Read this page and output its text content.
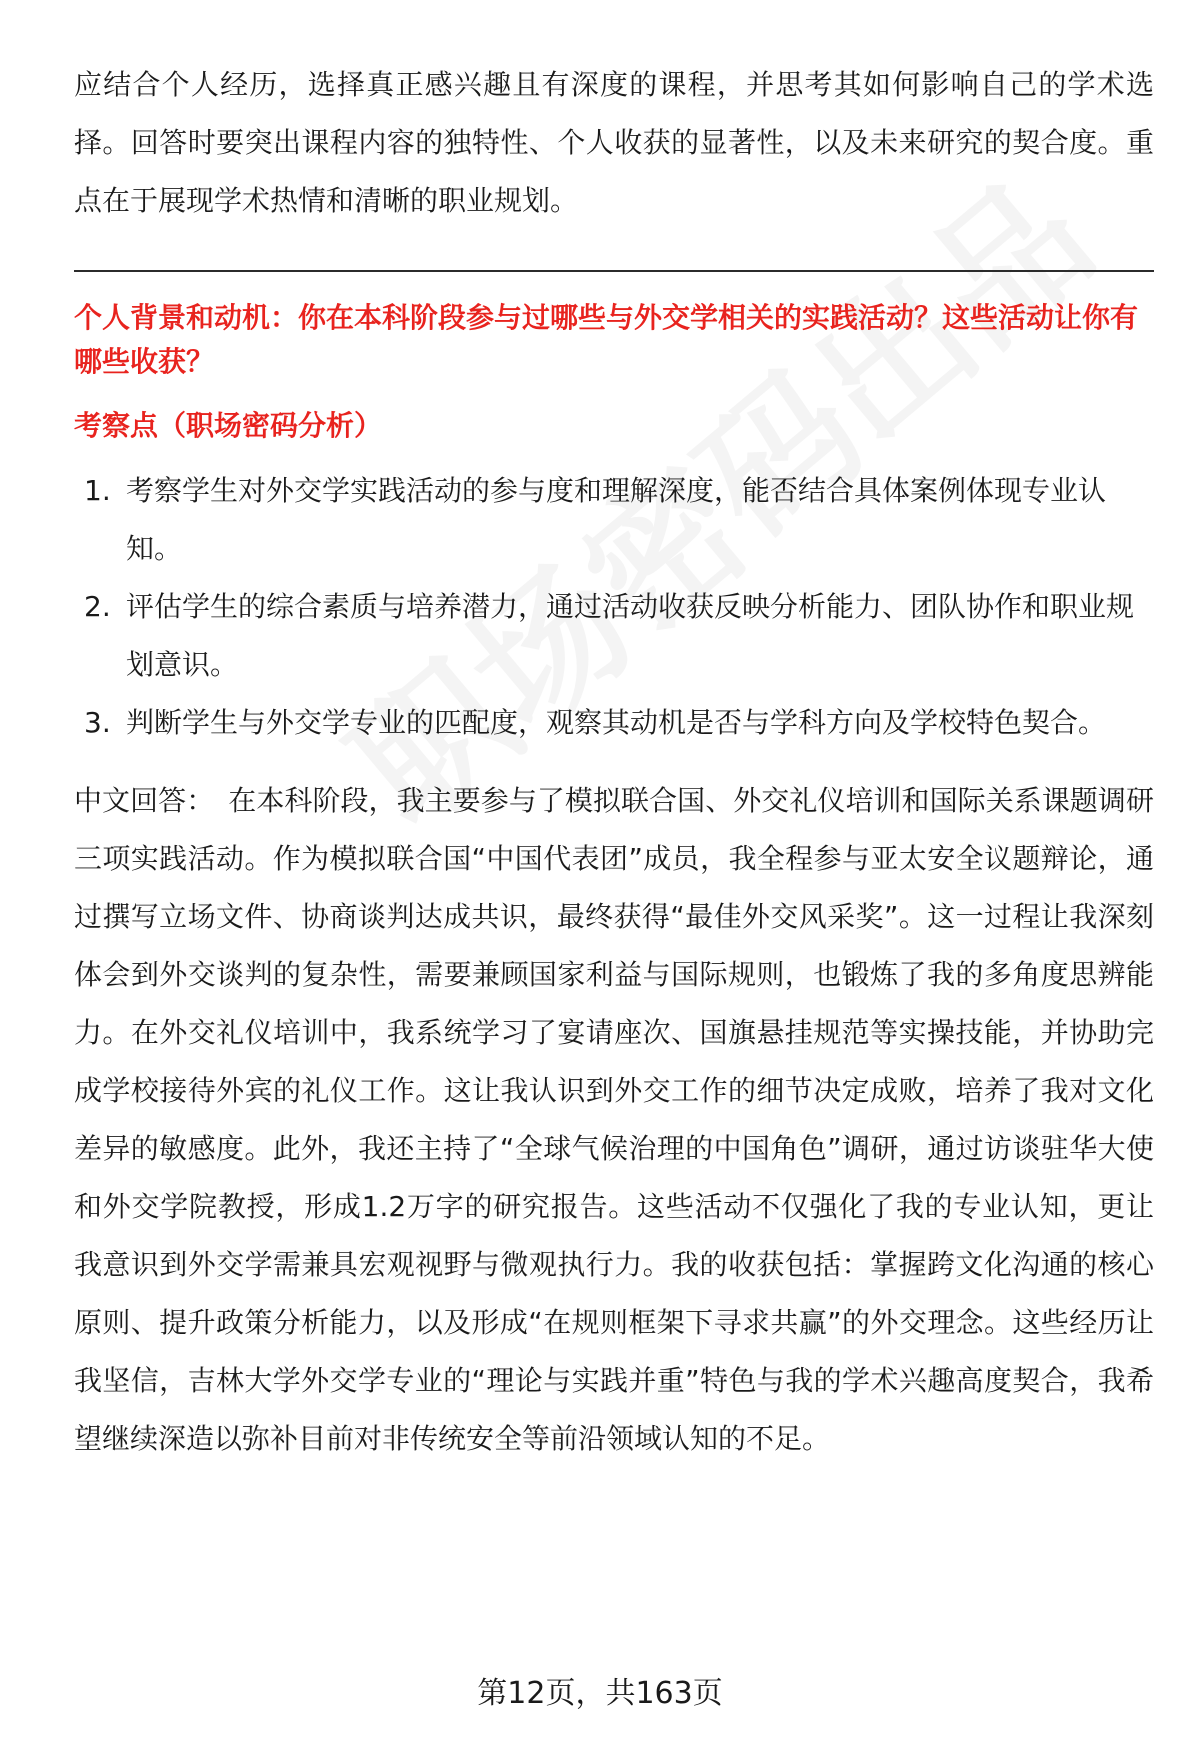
应结合个人经历，选择真正感兴趣且有深度的课程，并思考其如何影响自己的学术选择。回答时要突出课程内容的独特性、个人收获的显著性，以及未来研究的契合度。重点在于展现学术热情和清晰的职业规划。

个人背景和动机：你在本科阶段参与过哪些与外交学相关的实践活动？这些活动让你有哪些收获？

考察点（职场密码分析）

1. 考察学生对外交学实践活动的参与度和理解深度，能否结合具体案例体现专业认知。
2. 评估学生的综合素质与培养潜力，通过活动收获反映分析能力、团队协作和职业规划意识。
3. 判断学生与外交学专业的匹配度，观察其动机是否与学科方向及学校特色契合。

中文回答： 在本科阶段，我主要参与了模拟联合国、外交礼仪培训和国际关系课题调研三项实践活动。作为模拟联合国“中国代表团”成员，我全程参与亚太安全议题辩论，通过撰写立场文件、协商谈判达成共识，最终获得“最佳外交风采奖”。这一过程让我深刻体会到外交谈判的复杂性，需要兼顾国家利益与国际规则，也锻炼了我的多角度思辨能力。在外交礼仪培训中，我系统学习了宴请座次、国旗悬挂规范等实操技能，并协助完成学校接待外宾的礼仪工作。这让我认识到外交工作的细节决定成败，培养了我对文化差异的敏感度。此外，我还主持了“全球气候治理的中国角色”调研，通过访谈驻华大使和外交学院教授，形成1.2万字的研究报告。这些活动不仅强化了我的专业认知，更让我意识到外交学需兼具宏观视野与微观执行力。我的收获包括：掌握跨文化沟通的核心原则、提升政策分析能力，以及形成“在规则框架下寻求共赢”的外交理念。这些经历让我坚信，吉林大学外交学专业的“理论与实践并重”特色与我的学术兴趣高度契合，我希望继续深造以弥补目前对非传统安全等前沿领域认知的不足。

第12页，共163页
